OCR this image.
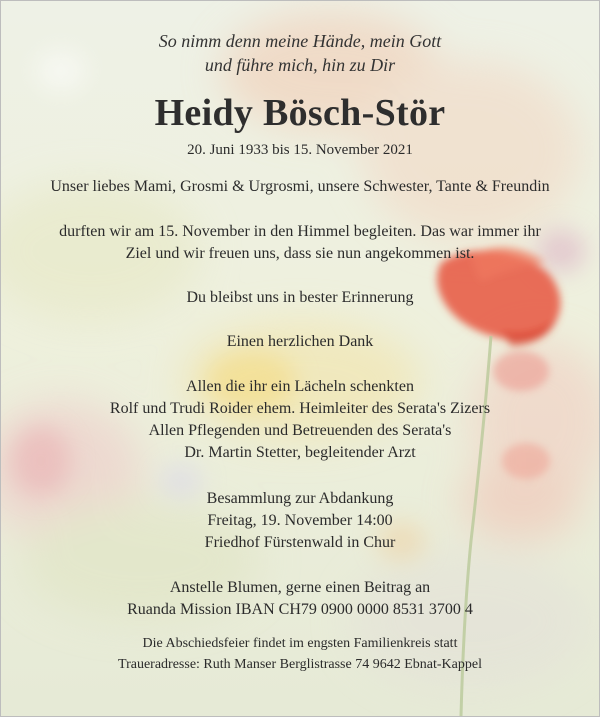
So nimm denn meine Hände, mein Gott
und führe mich, hin zu Dir
Heidy Bösch-Stör
20. Juni 1933 bis 15. November 2021
Unser liebes Mami, Grosmi & Urgrosmi, unsere Schwester, Tante & Freundin
durften wir am 15. November in den Himmel begleiten. Das war immer ihr
Ziel und wir freuen uns, dass sie nun angekommen ist.
Du bleibst uns in bester Erinnerung
Einen herzlichen Dank
Allen die ihr ein Lächeln schenkten
Rolf und Trudi Roider ehem. Heimleiter des Serata's Zizers
Allen Pflegenden und Betreuenden des Serata's
Dr. Martin Stetter, begleitender Arzt
Besammlung zur Abdankung
Freitag, 19. November 14:00
Friedhof Fürstenwald in Chur
Anstelle Blumen, gerne einen Beitrag an
Ruanda Mission IBAN CH79 0900 0000 8531 3700 4
Die Abschiedsfeier findet im engsten Familienkreis statt
Traueradresse: Ruth Manser Berglistrasse 74 9642 Ebnat-Kappel
